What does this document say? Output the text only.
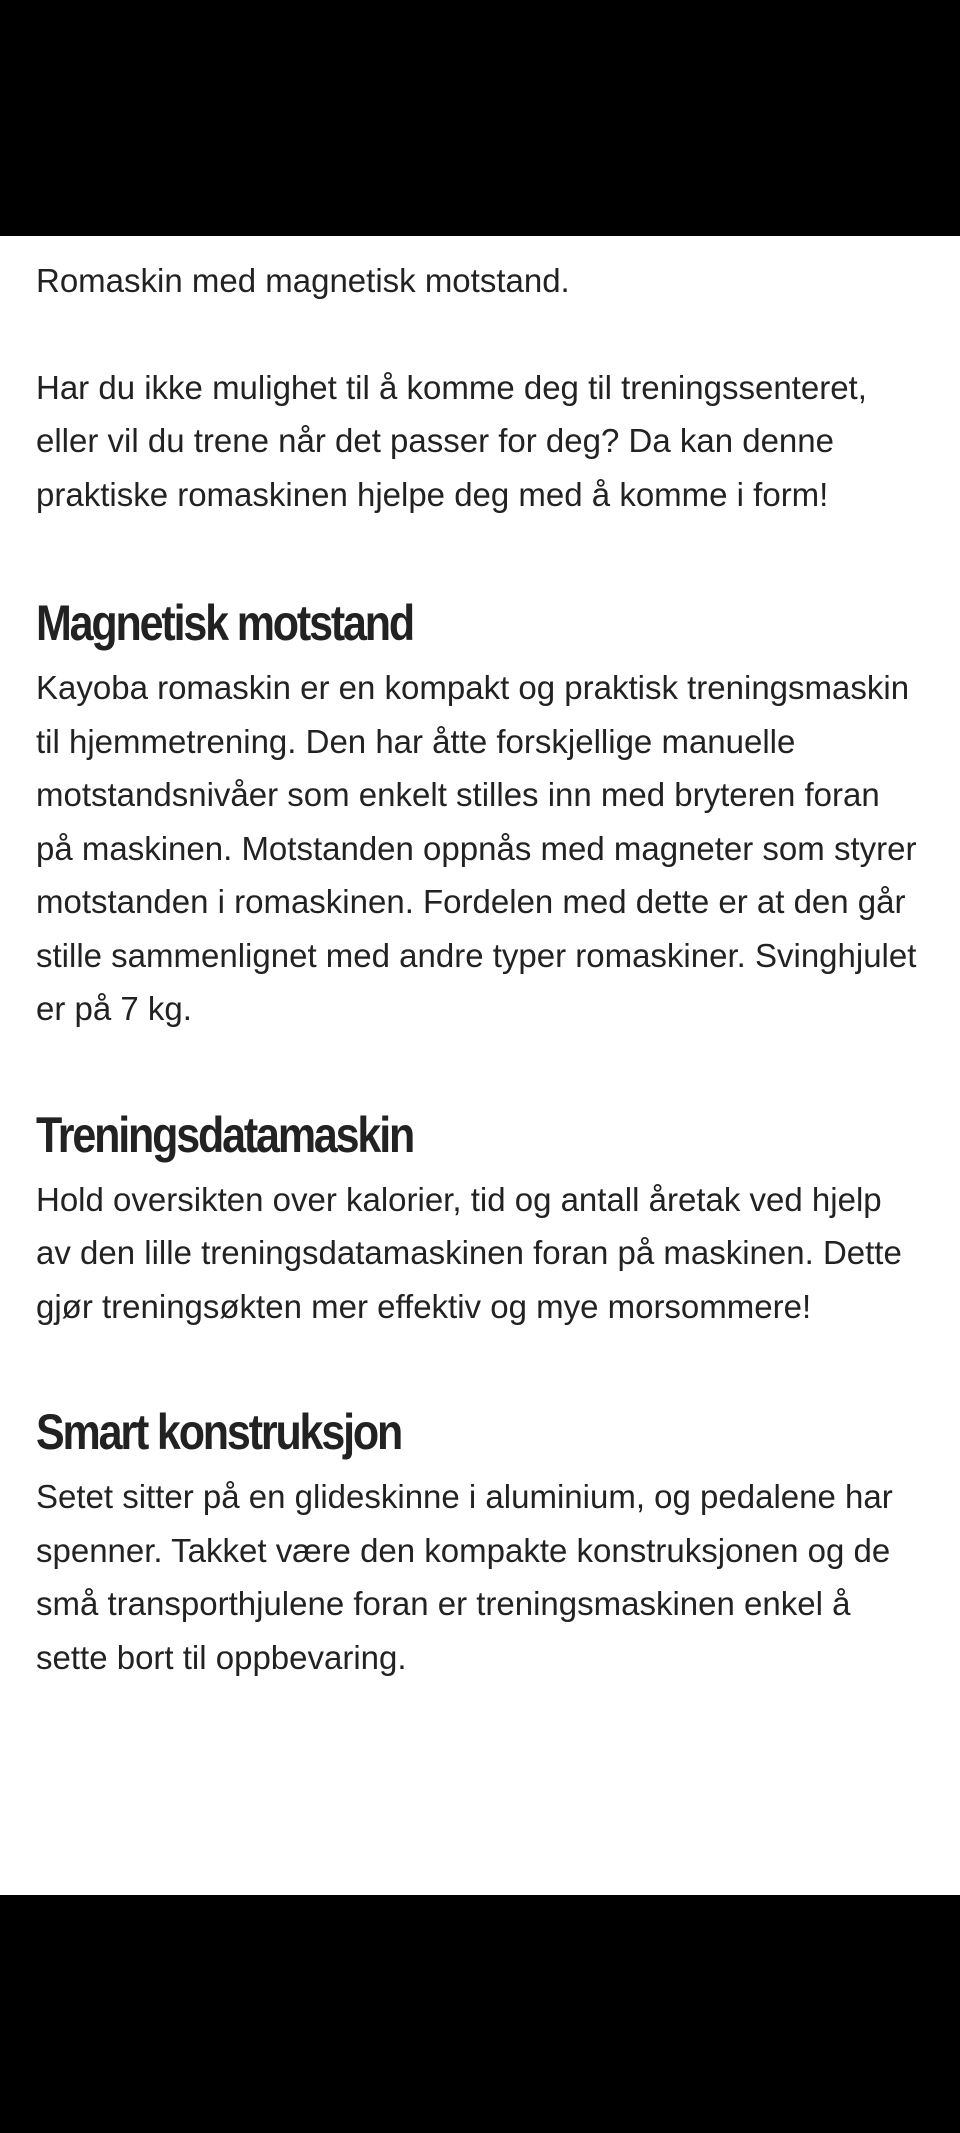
Romaskin med magnetisk motstand.

Har du ikke mulighet til å komme deg til treningssenteret, eller vil du trene når det passer for deg? Da kan denne praktiske romaskinen hjelpe deg med å komme i form!

Magnetisk motstand

Kayoba romaskin er en kompakt og praktisk treningsmaskin til hjemmetrening. Den har åtte forskjellige manuelle motstandsnivåer som enkelt stilles inn med bryteren foran på maskinen. Motstanden oppnås med magneter som styrer motstanden i romaskinen. Fordelen med dette er at den går stille sammenlignet med andre typer romaskiner. Svinghjulet er på 7 kg.

Treningsdatamaskin

Hold oversikten over kalorier, tid og antall åretak ved hjelp av den lille treningsdatamaskinen foran på maskinen. Dette gjør treningsøkten mer effektiv og mye morsommere!

Smart konstruksjon

Setet sitter på en glideskinne i aluminium, og pedalene har spenner. Takket være den kompakte konstruksjonen og de små transporthjulene foran er treningsmaskinen enkel å sette bort til oppbevaring.
